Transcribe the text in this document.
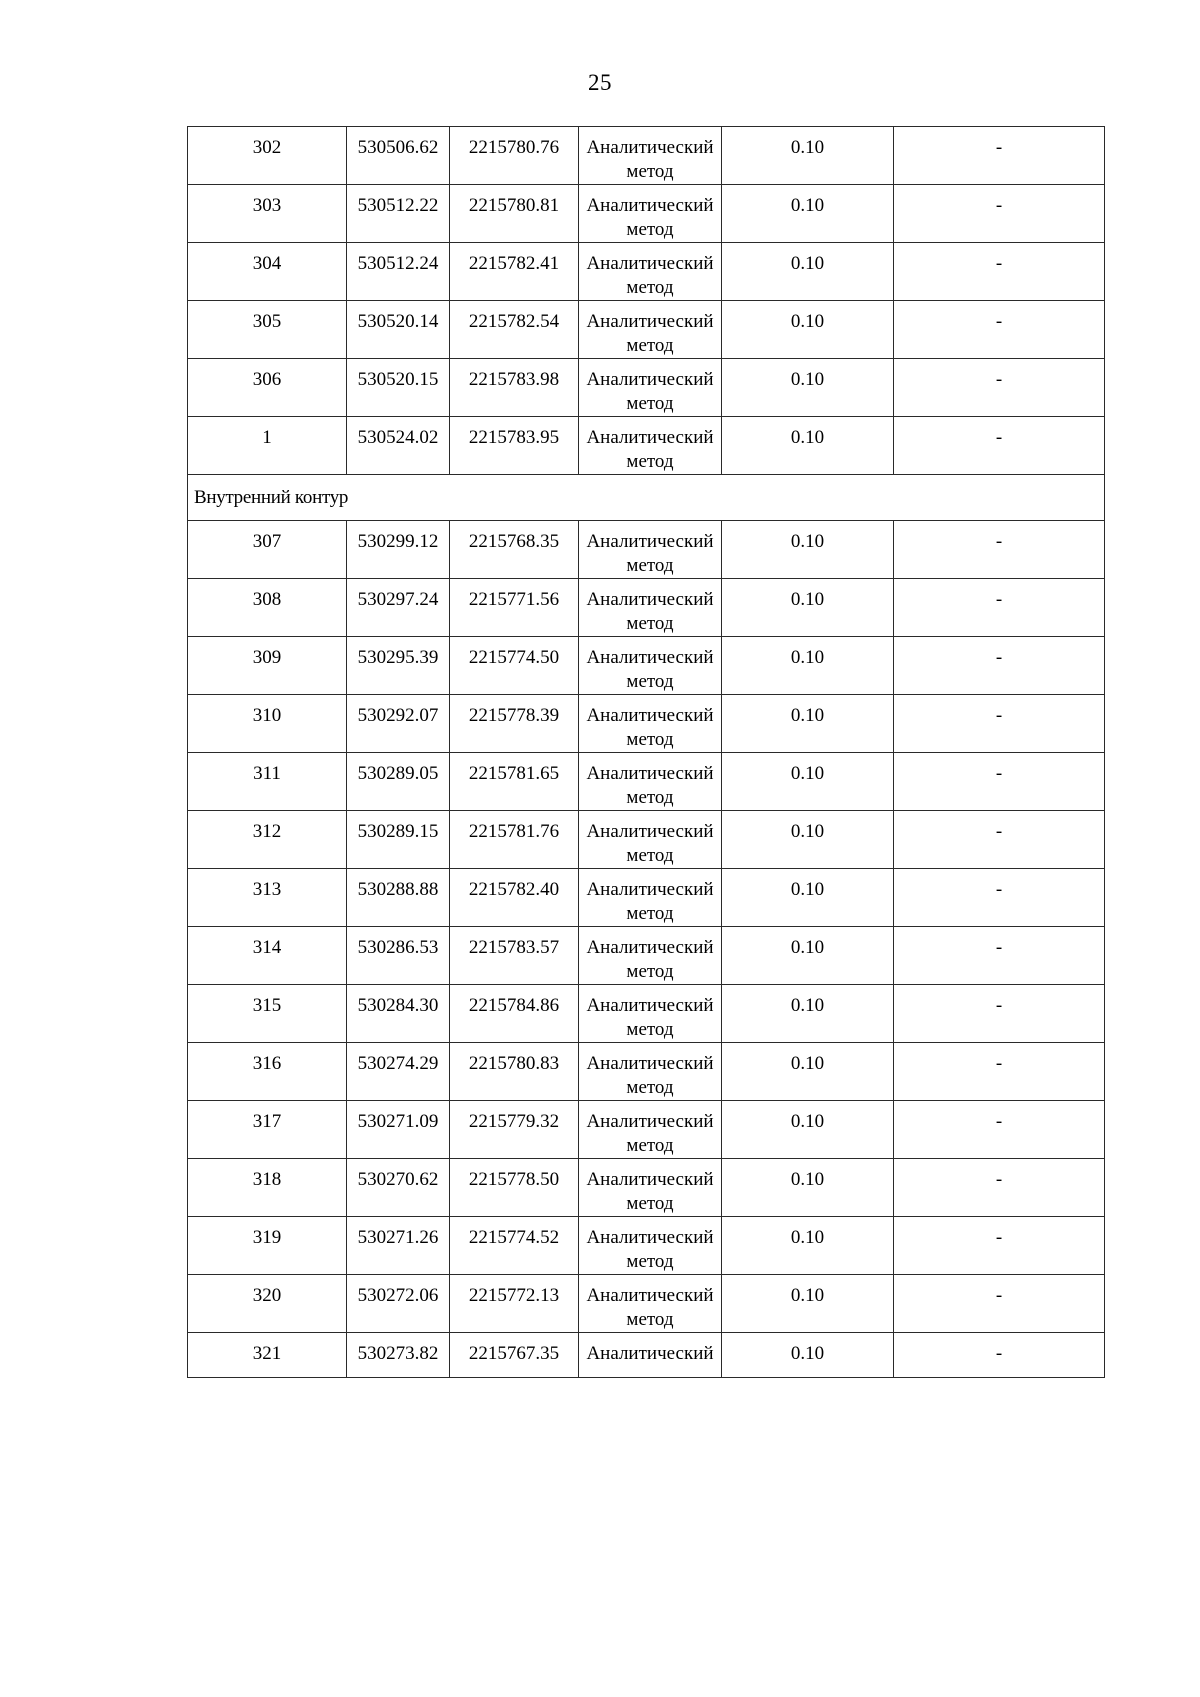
25
302	530506.62	2215780.76	Аналитический
метод	0.10	-
303	530512.22	2215780.81	Аналитический
метод	0.10	-
304	530512.24	2215782.41	Аналитический
метод	0.10	-
305	530520.14	2215782.54	Аналитический
метод	0.10	-
306	530520.15	2215783.98	Аналитический
метод	0.10	-
1	530524.02	2215783.95	Аналитический
метод	0.10	-
Внутренний контур					
307	530299.12	2215768.35	Аналитический
метод	0.10	-
308	530297.24	2215771.56	Аналитический
метод	0.10	-
309	530295.39	2215774.50	Аналитический
метод	0.10	-
310	530292.07	2215778.39	Аналитический
метод	0.10	-
311	530289.05	2215781.65	Аналитический
метод	0.10	-
312	530289.15	2215781.76	Аналитический
метод	0.10	-
313	530288.88	2215782.40	Аналитический
метод	0.10	-
314	530286.53	2215783.57	Аналитический
метод	0.10	-
315	530284.30	2215784.86	Аналитический
метод	0.10	-
316	530274.29	2215780.83	Аналитический
метод	0.10	-
317	530271.09	2215779.32	Аналитический
метод	0.10	-
318	530270.62	2215778.50	Аналитический
метод	0.10	-
319	530271.26	2215774.52	Аналитический
метод	0.10	-
320	530272.06	2215772.13	Аналитический
метод	0.10	-
321	530273.82	2215767.35	Аналитический	0.10	-
